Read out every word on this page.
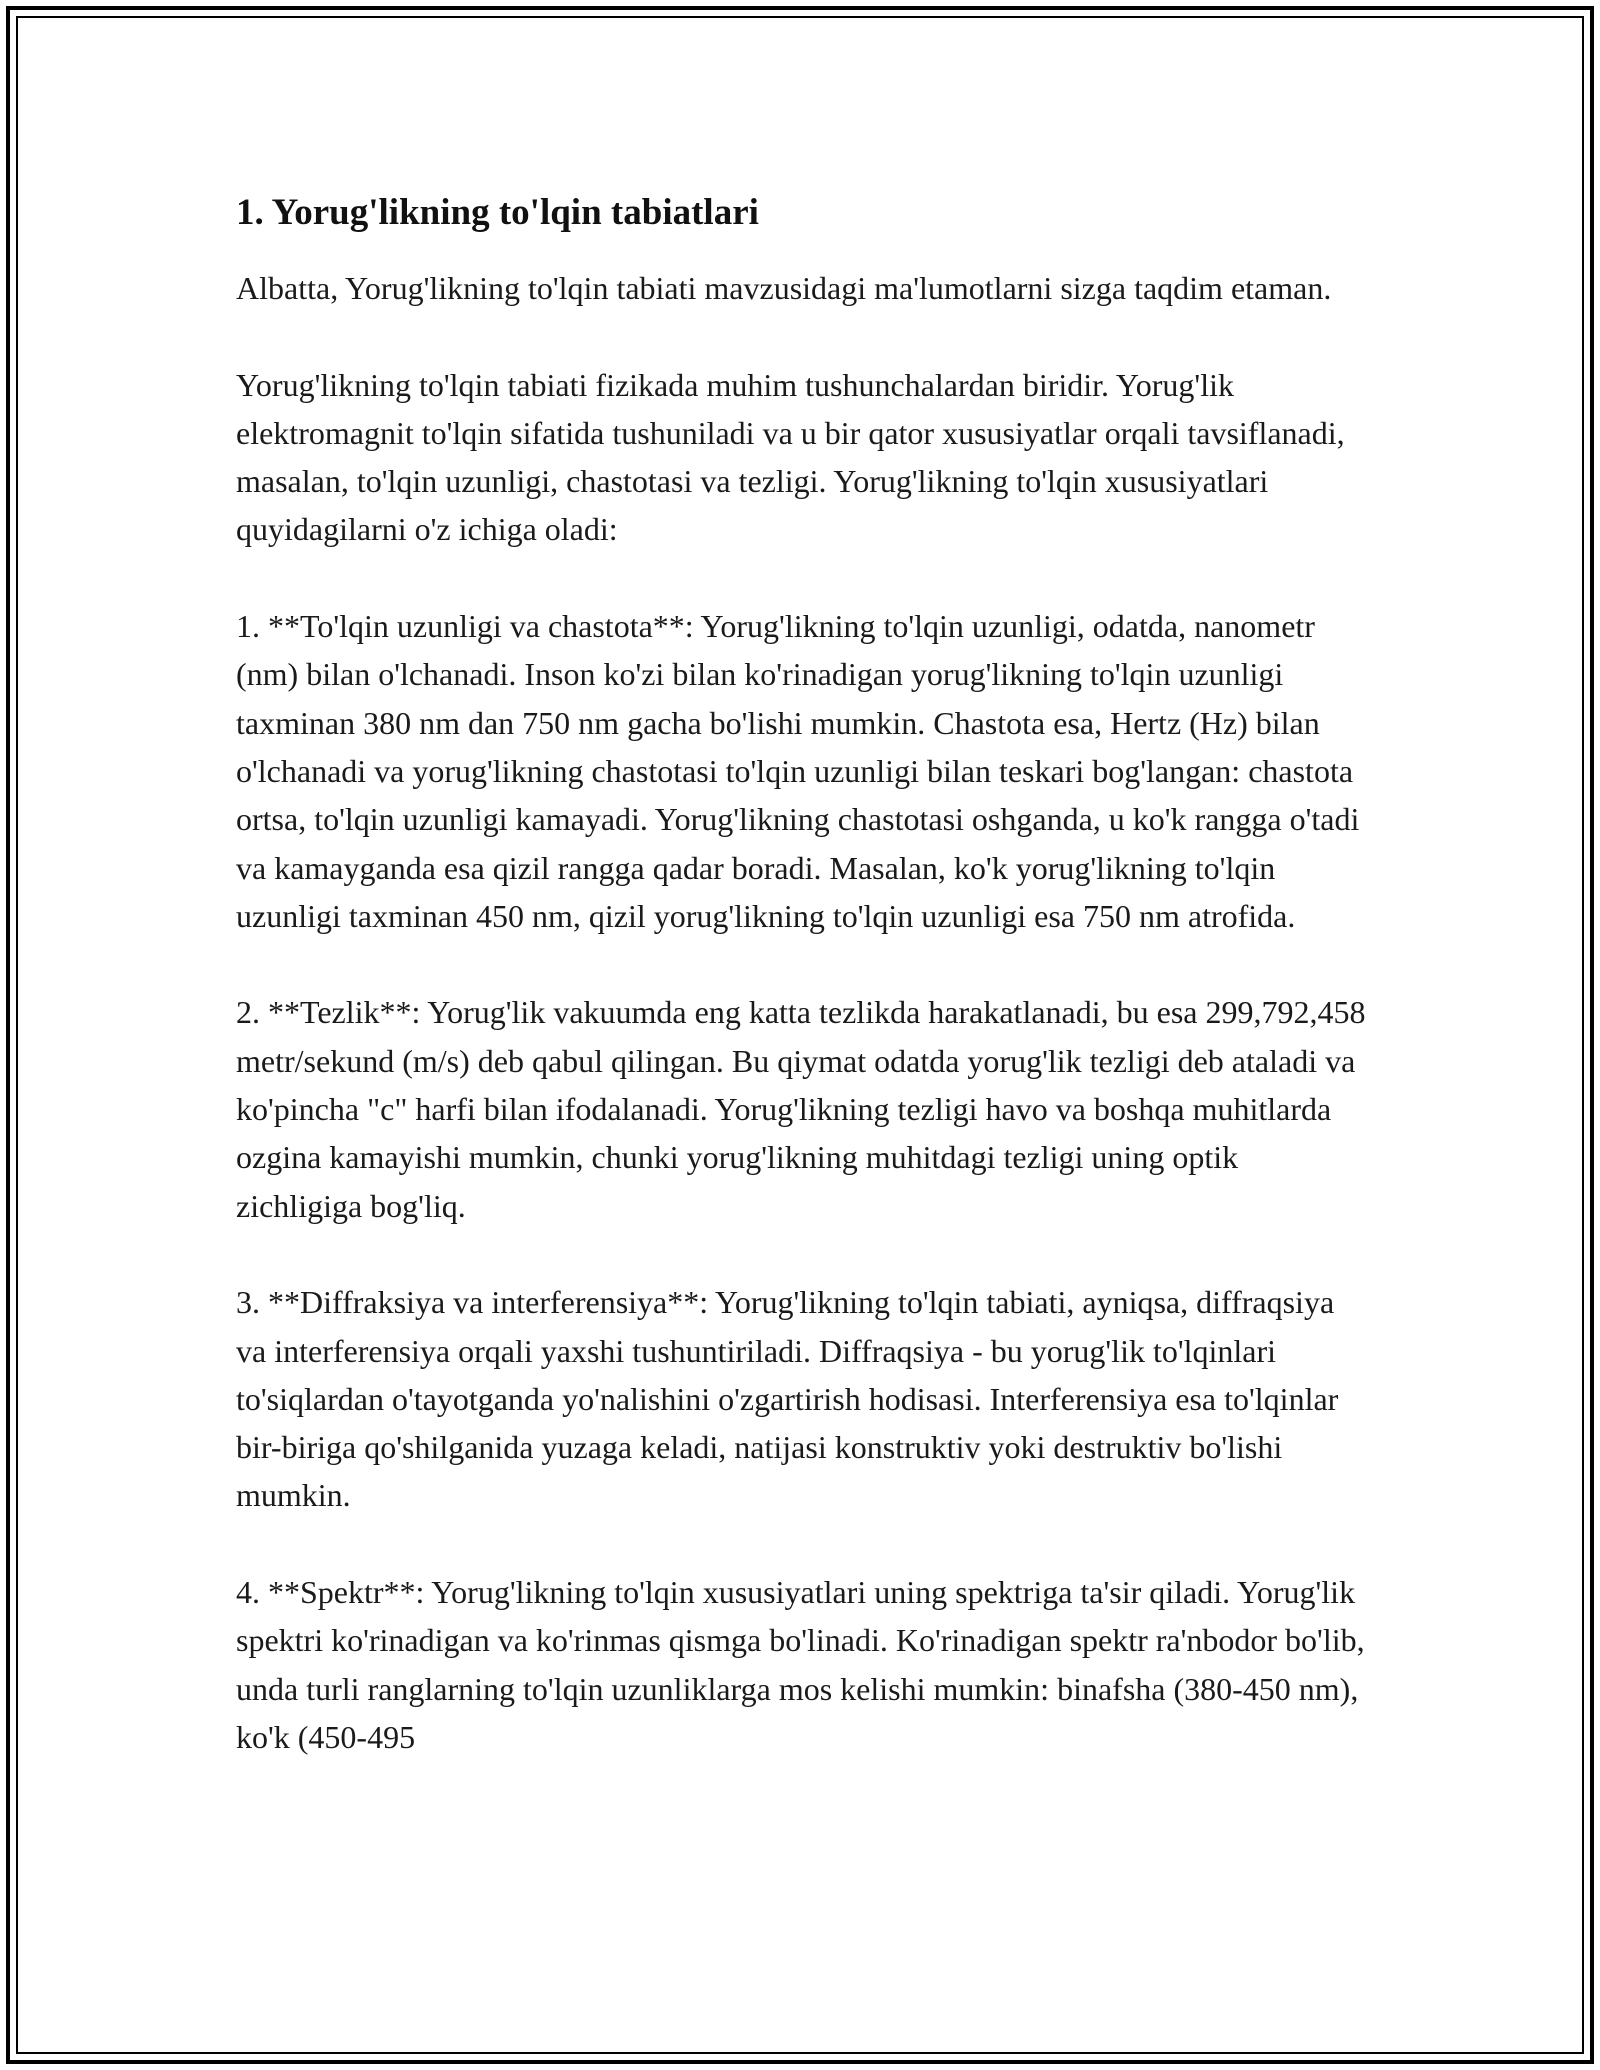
1. Yorug'likning to'lqin tabiatlari

Albatta, Yorug'likning to'lqin tabiati mavzusidagi ma'lumotlarni sizga taqdim etaman.

Yorug'likning to'lqin tabiati fizikada muhim tushunchalardan biridir. Yorug'lik elektromagnit to'lqin sifatida tushuniladi va u bir qator xususiyatlar orqali tavsiflanadi, masalan, to'lqin uzunligi, chastotasi va tezligi. Yorug'likning to'lqin xususiyatlari quyidagilarni o'z ichiga oladi:

1. **To'lqin uzunligi va chastota**: Yorug'likning to'lqin uzunligi, odatda, nanometr (nm) bilan o'lchanadi. Inson ko'zi bilan ko'rinadigan yorug'likning to'lqin uzunligi taxminan 380 nm dan 750 nm gacha bo'lishi mumkin. Chastota esa, Hertz (Hz) bilan o'lchanadi va yorug'likning chastotasi to'lqin uzunligi bilan teskari bog'langan: chastota ortsa, to'lqin uzunligi kamayadi. Yorug'likning chastotasi oshganda, u ko'k rangga o'tadi va kamayganda esa qizil rangga qadar boradi. Masalan, ko'k yorug'likning to'lqin uzunligi taxminan 450 nm, qizil yorug'likning to'lqin uzunligi esa 750 nm atrofida.

2. **Tezlik**: Yorug'lik vakuumda eng katta tezlikda harakatlanadi, bu esa 299,792,458 metr/sekund (m/s) deb qabul qilingan. Bu qiymat odatda yorug'lik tezligi deb ataladi va ko'pincha "c" harfi bilan ifodalanadi. Yorug'likning tezligi havo va boshqa muhitlarda ozgina kamayishi mumkin, chunki yorug'likning muhitdagi tezligi uning optik zichligiga bog'liq.

3. **Diffraksiya va interferensiya**: Yorug'likning to'lqin tabiati, ayniqsa, diffraqsiya va interferensiya orqali yaxshi tushuntiriladi. Diffraqsiya - bu yorug'lik to'lqinlari to'siqlardan o'tayotganda yo'nalishini o'zgartirish hodisasi. Interferensiya esa to'lqinlar bir-biriga qo'shilganida yuzaga keladi, natijasi konstruktiv yoki destruktiv bo'lishi mumkin.

4. **Spektr**: Yorug'likning to'lqin xususiyatlari uning spektriga ta'sir qiladi. Yorug'lik spektri ko'rinadigan va ko'rinmas qismga bo'linadi. Ko'rinadigan spektr ra'nbodor bo'lib, unda turli ranglarning to'lqin uzunliklarga mos kelishi mumkin: binafsha (380-450 nm), ko'k (450-495
